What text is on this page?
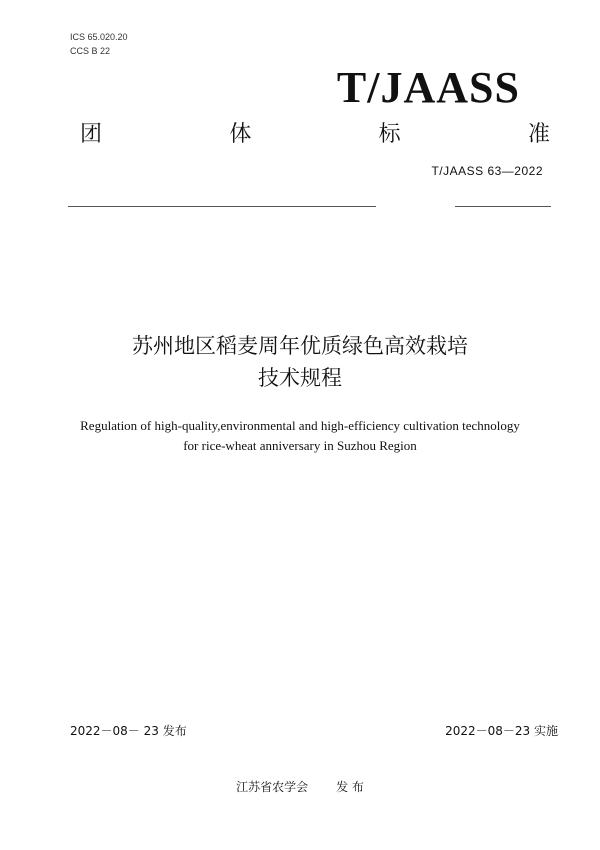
ICS 65.020.20
CCS B 22
T/JAASS
团	体	标	准
T/JAASS 63—2022
苏州地区稻麦周年优质绿色高效栽培
技术规程
Regulation of high-quality,environmental and high-efficiency cultivation technology
for rice-wheat anniversary in Suzhou Region
2022－08－ 23 发布	2022－08－23 实施
江苏省农学会 发 布
